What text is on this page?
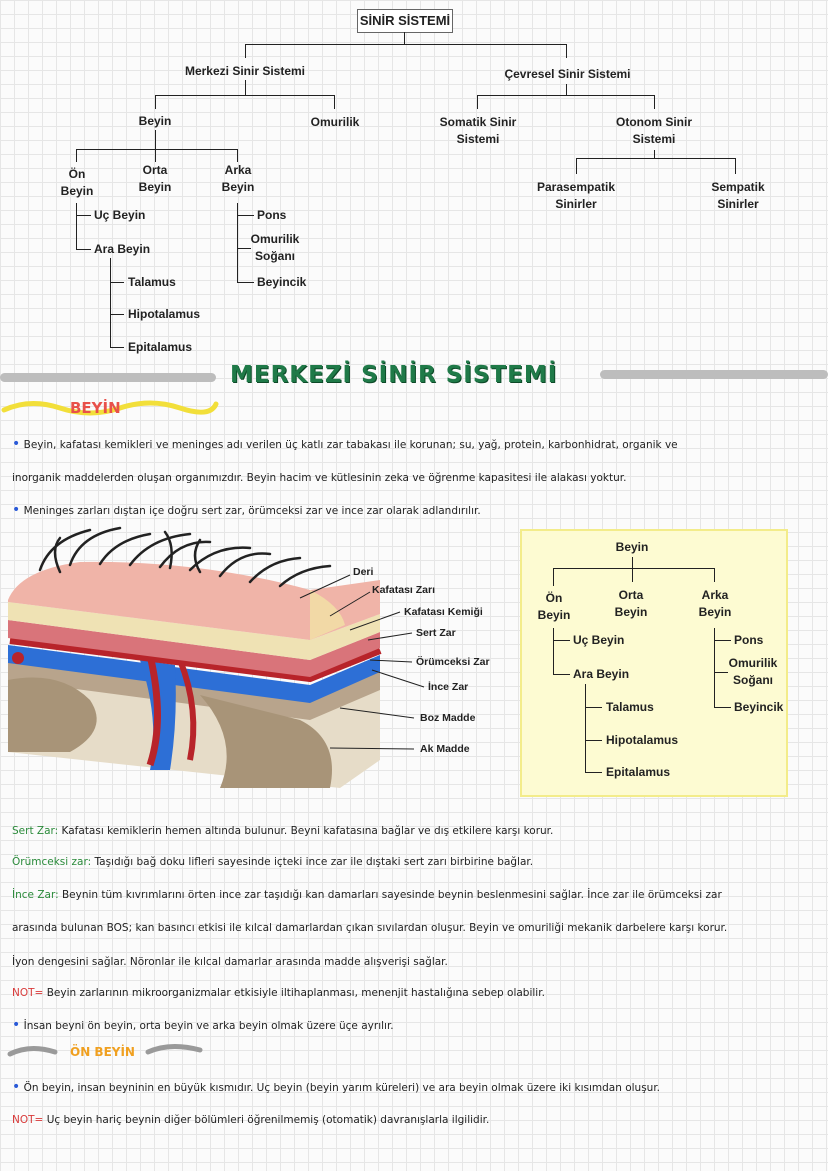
SİNİR SİSTEMİ
Merkezi Sinir Sistemi	Çevresel Sinir Sistemi
Beyin	Omurilik	Somatik Sinir
Sistemi
Otonom Sinir
Sistemi
Parasempatik
Sinirler
Sempatik
Sinirler
Ön
Beyin
Orta
Beyin
Arka
Beyin
Uç Beyin
Ara Beyin
Talamus
Hipotalamus
Epitalamus
Pons
Omurilik
Soğanı
Beyincik
MERKEZİ SİNİR SİSTEMİ
BEYİN
• Beyin, kafatası kemikleri ve meninges adı verilen üç katlı zar tabakası ile korunan; su, yağ, protein, karbonhidrat, organik ve
inorganik maddelerden oluşan organımızdır. Beyin hacim ve kütlesinin zeka ve öğrenme kapasitesi ile alakası yoktur.
• Meninges zarları dıştan içe doğru sert zar, örümceksi zar ve ince zar olarak adlandırılır.
Deri
Kafatası Zarı
Kafatası Kemiği
Sert Zar
Örümceksi Zar
İnce Zar
Boz Madde
Ak Madde
Beyin
Ön
Beyin
Orta
Beyin
Arka
Beyin
Uç Beyin
Ara Beyin
Talamus
Hipotalamus
Epitalamus
Pons
Omurilik
Soğanı
Beyincik
Sert Zar: Kafatası kemiklerin hemen altında bulunur. Beyni kafatasına bağlar ve dış etkilere karşı korur.
Örümceksi zar: Taşıdığı bağ doku lifleri sayesinde içteki ince zar ile dıştaki sert zarı birbirine bağlar.
İnce Zar: Beynin tüm kıvrımlarını örten ince zar taşıdığı kan damarları sayesinde beynin beslenmesini sağlar. İnce zar ile örümceksi zar
arasında bulunan BOS; kan basıncı etkisi ile kılcal damarlardan çıkan sıvılardan oluşur. Beyin ve omuriliği mekanik darbelere karşı korur.
İyon dengesini sağlar. Nöronlar ile kılcal damarlar arasında madde alışverişi sağlar.
NOT= Beyin zarlarının mikroorganizmalar etkisiyle iltihaplanması, menenjit hastalığına sebep olabilir.
• İnsan beyni ön beyin, orta beyin ve arka beyin olmak üzere üçe ayrılır.
ÖN BEYİN
• Ön beyin, insan beyninin en büyük kısmıdır. Uç beyin (beyin yarım küreleri) ve ara beyin olmak üzere iki kısımdan oluşur.
NOT= Uç beyin hariç beynin diğer bölümleri öğrenilmemiş (otomatik) davranışlarla ilgilidir.
